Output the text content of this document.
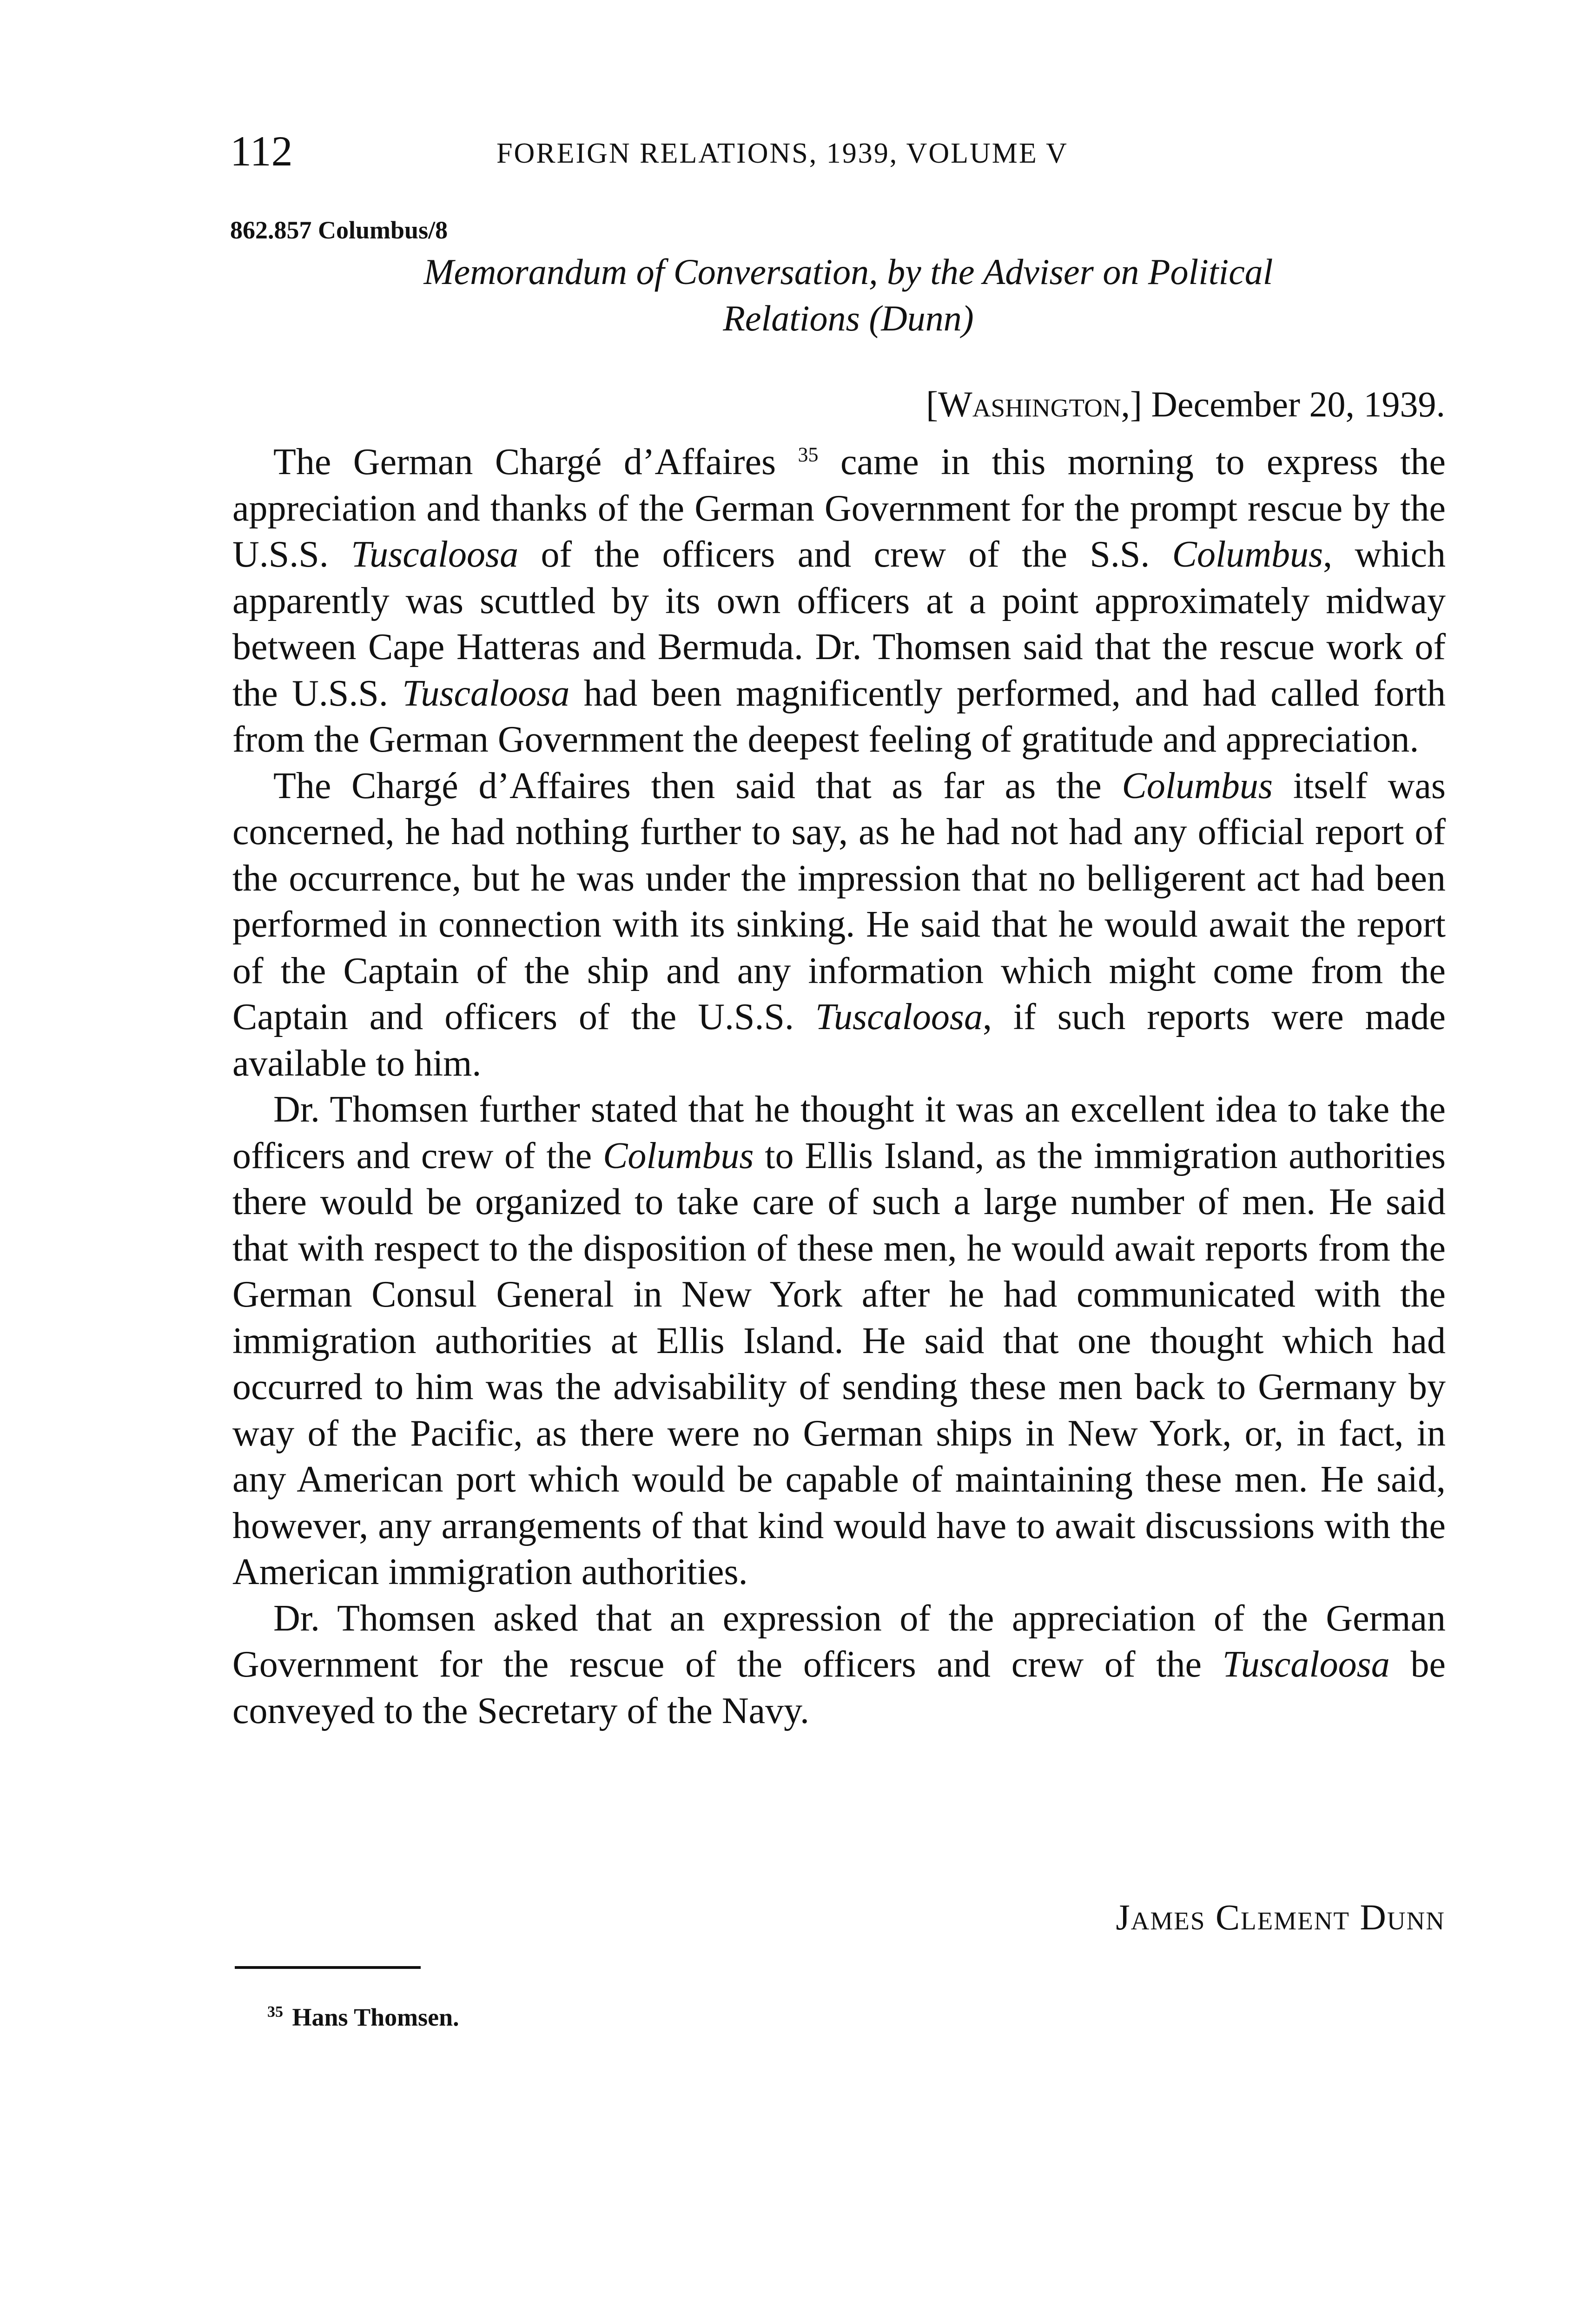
112	FOREIGN RELATIONS, 1939, VOLUME V
862.857 Columbus/8
Memorandum of Conversation, by the Adviser on Political
Relations (Dunn)
[Washington,] December 20, 1939.

The German Chargé d’Affaires $^{35}$ came in this morning to express the appreciation and thanks of the German Government for the prompt rescue by the U.S.S. Tuscaloosa of the officers and crew of the S.S. Columbus, which apparently was scuttled by its own officers at a point approximately midway between Cape Hatteras and Bermuda. Dr. Thomsen said that the rescue work of the U.S.S. Tuscaloosa had been magnificently performed, and had called forth from the German Government the deepest feeling of gratitude and appreciation.

The Chargé d’Affaires then said that as far as the Columbus itself was concerned, he had nothing further to say, as he had not had any official report of the occurrence, but he was under the impression that no belligerent act had been performed in connection with its sinking. He said that he would await the report of the Captain of the ship and any information which might come from the Captain and officers of the U.S.S. Tuscaloosa, if such reports were made available to him.

Dr. Thomsen further stated that he thought it was an excellent idea to take the officers and crew of the Columbus to Ellis Island, as the immigration authorities there would be organized to take care of such a large number of men. He said that with respect to the disposition of these men, he would await reports from the German Consul General in New York after he had communicated with the immigration authorities at Ellis Island. He said that one thought which had occurred to him was the advisability of sending these men back to Germany by way of the Pacific, as there were no German ships in New York, or, in fact, in any American port which would be capable of maintaining these men. He said, however, any arrangements of that kind would have to await discussions with the American immigration authorities.

Dr. Thomsen asked that an expression of the appreciation of the German Government for the rescue of the officers and crew of the Tuscaloosa be conveyed to the Secretary of the Navy.

James Clement Dunn
$^{35}$ Hans Thomsen.
